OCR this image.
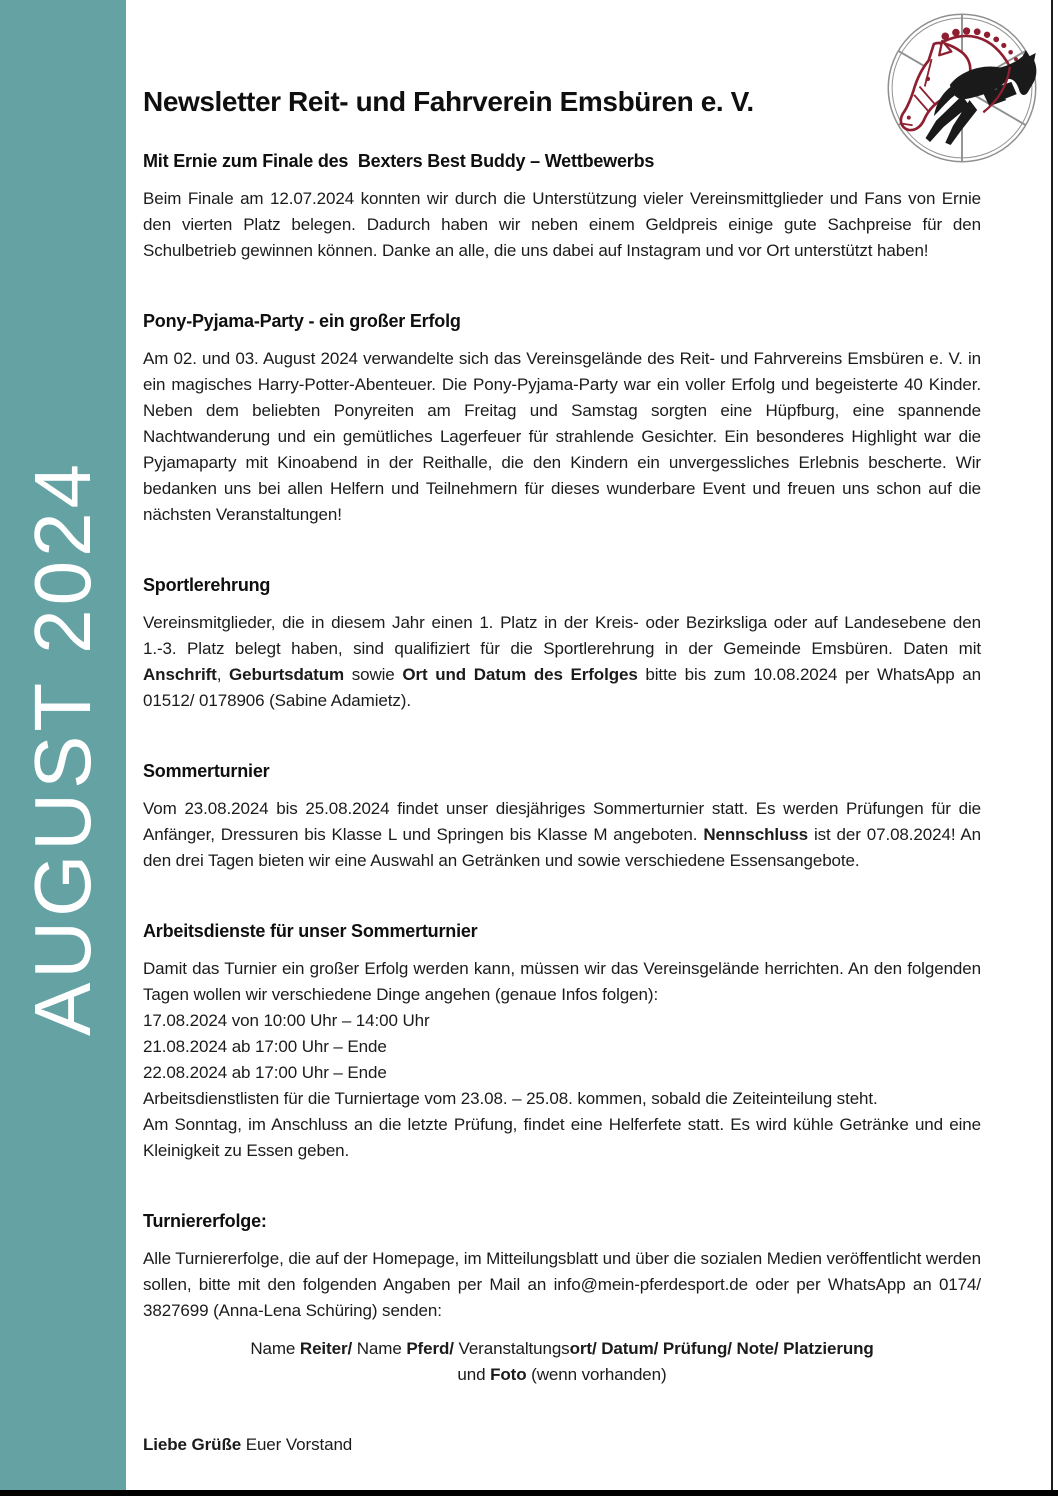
AUGUST 2024
Newsletter Reit- und Fahrverein Emsbüren e. V.
Mit Ernie zum Finale des  Bexters Best Buddy – Wettbewerbs

Beim Finale am 12.07.2024 konnten wir durch die Unterstützung vieler Vereinsmittglieder und Fans von Ernie den vierten Platz belegen. Dadurch haben wir neben einem Geldpreis einige gute Sachpreise für den Schulbetrieb gewinnen können. Danke an alle, die uns dabei auf Instagram und vor Ort unterstützt haben!

Pony-Pyjama-Party - ein großer Erfolg

Am 02. und 03. August 2024 verwandelte sich das Vereinsgelände des Reit- und Fahrvereins Emsbüren e. V. in ein magisches Harry-Potter-Abenteuer. Die Pony-Pyjama-Party war ein voller Erfolg und begeisterte 40 Kinder. Neben dem beliebten Ponyreiten am Freitag und Samstag sorgten eine Hüpfburg, eine spannende Nachtwanderung und ein gemütliches Lagerfeuer für strahlende Gesichter. Ein besonderes Highlight war die Pyjamaparty mit Kinoabend in der Reithalle, die den Kindern ein unvergessliches Erlebnis bescherte. Wir bedanken uns bei allen Helfern und Teilnehmern für dieses wunderbare Event und freuen uns schon auf die nächsten Veranstaltungen!

Sportlerehrung

Vereinsmitglieder, die in diesem Jahr einen 1. Platz in der Kreis- oder Bezirksliga oder auf Landesebene den 1.-3. Platz belegt haben, sind qualifiziert für die Sportlerehrung in der Gemeinde Emsbüren. Daten mit Anschrift, Geburtsdatum sowie Ort und Datum des Erfolges bitte bis zum 10.08.2024 per WhatsApp an 01512/ 0178906 (Sabine Adamietz).

Sommerturnier

Vom 23.08.2024 bis 25.08.2024 findet unser diesjähriges Sommerturnier statt. Es werden Prüfungen für die Anfänger, Dressuren bis Klasse L und Springen bis Klasse M angeboten. Nennschluss ist der 07.08.2024! An den drei Tagen bieten wir eine Auswahl an Getränken und sowie verschiedene Essensangebote.

Arbeitsdienste für unser Sommerturnier

Damit das Turnier ein großer Erfolg werden kann, müssen wir das Vereinsgelände herrichten. An den folgenden Tagen wollen wir verschiedene Dinge angehen (genaue Infos folgen):
17.08.2024 von 10:00 Uhr – 14:00 Uhr
21.08.2024 ab 17:00 Uhr – Ende
22.08.2024 ab 17:00 Uhr – Ende
Arbeitsdienstlisten für die Turniertage vom 23.08. – 25.08. kommen, sobald die Zeiteinteilung steht.
Am Sonntag, im Anschluss an die letzte Prüfung, findet eine Helferfete statt. Es wird kühle Getränke und eine Kleinigkeit zu Essen geben.

Turniererfolge:

Alle Turniererfolge, die auf der Homepage, im Mitteilungsblatt und über die sozialen Medien veröffentlicht werden sollen, bitte mit den folgenden Angaben per Mail an info@mein-pferdesport.de oder per WhatsApp an 0174/ 3827699 (Anna-Lena Schüring) senden:

Name Reiter/ Name Pferd/ Veranstaltungsort/ Datum/ Prüfung/ Note/ Platzierung
und Foto (wenn vorhanden)

Liebe Grüße Euer Vorstand
